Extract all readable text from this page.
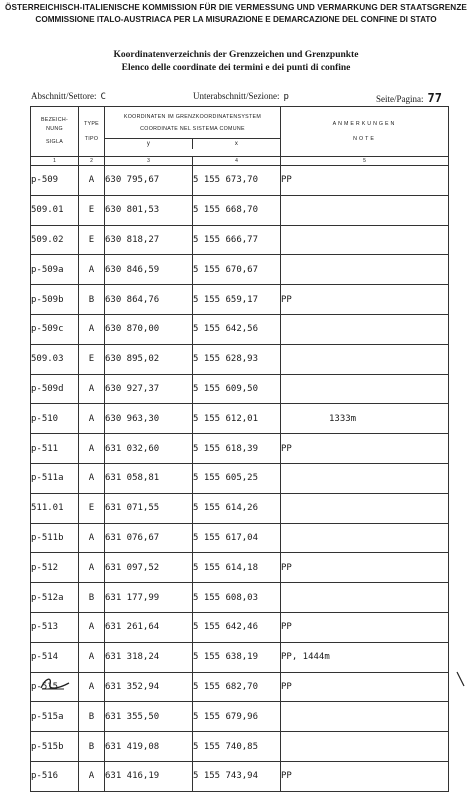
ÖSTERREICHISCH-ITALIENISCHE KOMMISSION FÜR DIE VERMESSUNG UND VERMARKUNG DER STAATSGRENZE
COMMISSIONE ITALO-AUSTRIACA PER LA MISURAZIONE E DEMARCAZIONE DEL CONFINE DI STATO
Koordinatenverzeichnis der Grenzzeichen und Grenzpunkte
Elenco delle coordinate dei termini e dei punti di confine
Abschnitt/Settore: C	Unterabschnitt/Sezione: p	Seite/Pagina: 77
BEZEICH-
NUNG
SIGLA	TYPE
TIPO	KOORDINATEN IM GRENZKOORDINATENSYSTEM
COORDINATE NEL SISTEMA COMUNE
y x		ANMERKUNGEN
NOTE

1	2	3	4	5
p-509	A	630 795,67	5 155 673,70	PP
509.01	E	630 801,53	5 155 668,70	
509.02	E	630 818,27	5 155 666,77	
p-509a	A	630 846,59	5 155 670,67	
p-509b	B	630 864,76	5 155 659,17	PP
p-509c	A	630 870,00	5 155 642,56	
509.03	E	630 895,02	5 155 628,93	
p-509d	A	630 927,37	5 155 609,50	
p-510	A	630 963,30	5 155 612,01	1333m
p-511	A	631 032,60	5 155 618,39	PP
p-511a	A	631 058,81	5 155 605,25	
511.01	E	631 071,55	5 155 614,26	
p-511b	A	631 076,67	5 155 617,04	
p-512	A	631 097,52	5 155 614,18	PP
p-512a	B	631 177,99	5 155 608,03	
p-513	A	631 261,64	5 155 642,46	PP
p-514	A	631 318,24	5 155 638,19	PP, 1444m
p-515	A	631 352,94	5 155 682,70	PP
p-515a	B	631 355,50	5 155 679,96	
p-515b	B	631 419,08	5 155 740,85	
p-516	A	631 416,19	5 155 743,94	PP
